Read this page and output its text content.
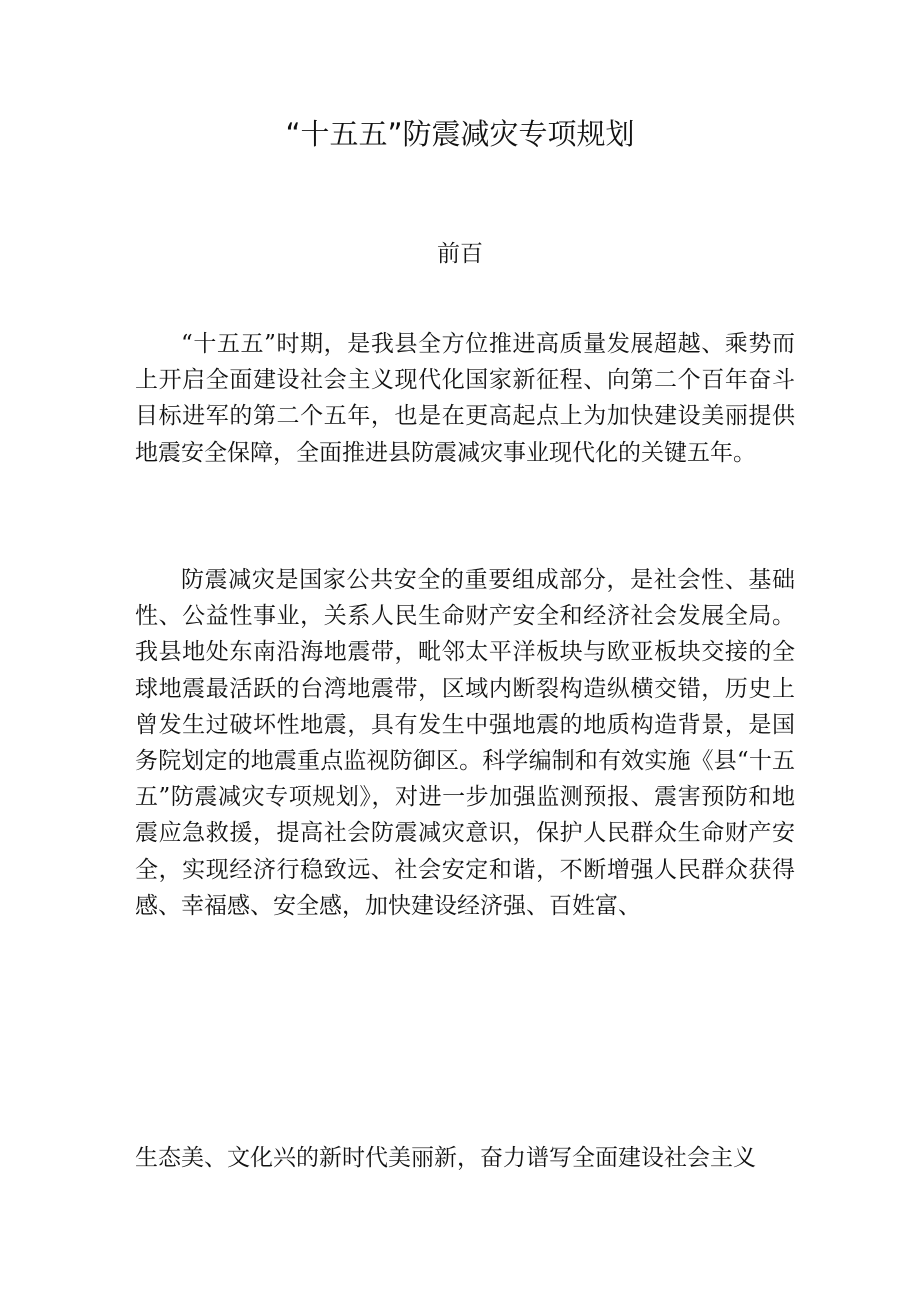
“十五五”防震减灾专项规划
前百

“十五五”时期，是我县全方位推进高质量发展超越、乘势而上开启全面建设社会主义现代化国家新征程、向第二个百年奋斗目标进军的第二个五年，也是在更高起点上为加快建设美丽提供地震安全保障，全面推进县防震减灾事业现代化的关键五年。

防震减灾是国家公共安全的重要组成部分，是社会性、基础性、公益性事业，关系人民生命财产安全和经济社会发展全局。我县地处东南沿海地震带，毗邻太平洋板块与欧亚板块交接的全球地震最活跃的台湾地震带，区域内断裂构造纵横交错，历史上曾发生过破坏性地震，具有发生中强地震的地质构造背景，是国务院划定的地震重点监视防御区。科学编制和有效实施《县“十五五”防震减灾专项规划》，对进一步加强监测预报、震害预防和地震应急救援，提高社会防震减灾意识，保护人民群众生命财产安全，实现经济行稳致远、社会安定和谐，不断增强人民群众获得感、幸福感、安全感，加快建设经济强、百姓富、

生态美、文化兴的新时代美丽新，奋力谱写全面建设社会主义
